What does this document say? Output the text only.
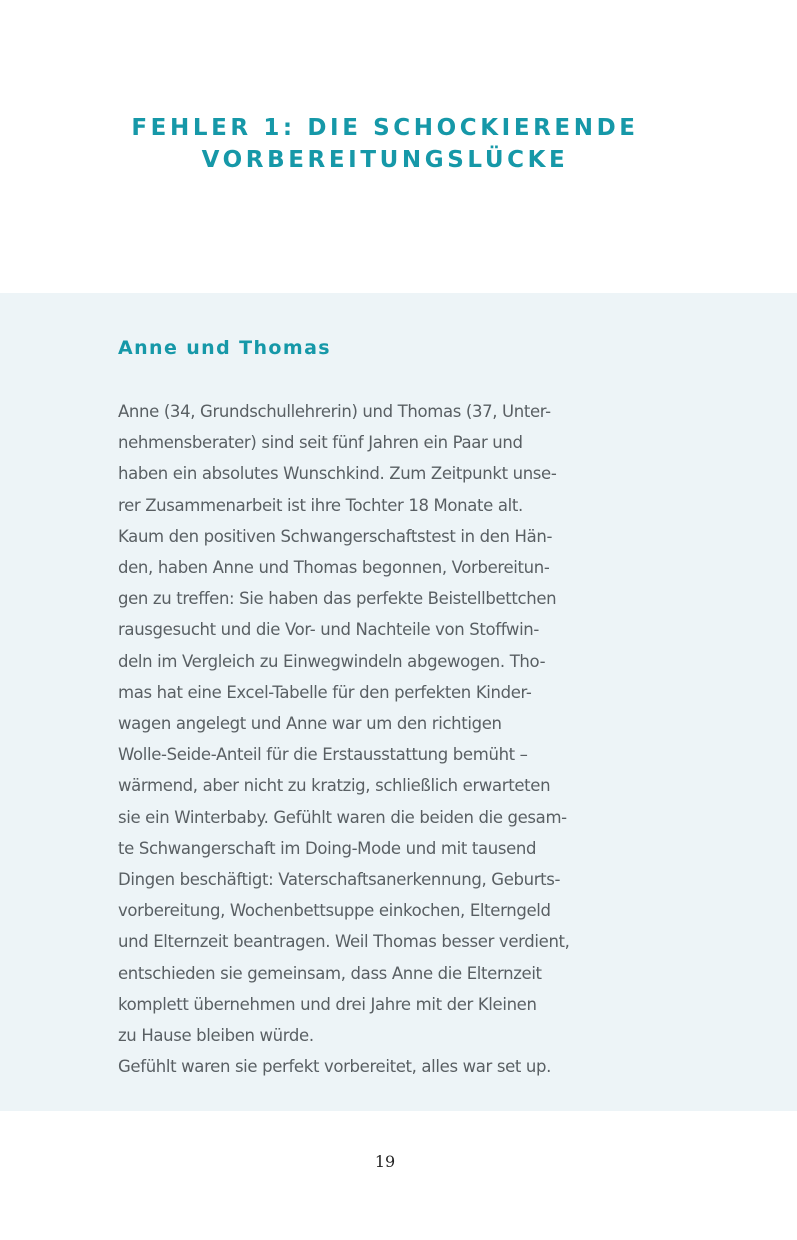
FEHLER 1: DIE SCHOCKIERENDE
VORBEREITUNGSLÜCKE
Anne und Thomas
Anne (34, Grundschullehrerin) und Thomas (37, Unter-
nehmensberater) sind seit fünf Jahren ein Paar und
haben ein absolutes Wunschkind. Zum Zeitpunkt unse-
rer Zusammenarbeit ist ihre Tochter 18 Monate alt.
Kaum den positiven Schwangerschaftstest in den Hän-
den, haben Anne und Thomas begonnen, Vorbereitun-
gen zu treffen: Sie haben das perfekte Beistellbettchen
rausgesucht und die Vor- und Nachteile von Stoffwin-
deln im Vergleich zu Einwegwindeln abgewogen. Tho-
mas hat eine Excel-Tabelle für den perfekten Kinder-
wagen angelegt und Anne war um den richtigen
Wolle-Seide-Anteil für die Erstausstattung bemüht –
wärmend, aber nicht zu kratzig, schließlich erwarteten
sie ein Winterbaby. Gefühlt waren die beiden die gesam-
te Schwangerschaft im Doing-Mode und mit tausend
Dingen beschäftigt: Vaterschaftsanerkennung, Geburts-
vorbereitung, Wochenbettsuppe einkochen, Elterngeld
und Elternzeit beantragen. Weil Thomas besser verdient,
entschieden sie gemeinsam, dass Anne die Elternzeit
komplett übernehmen und drei Jahre mit der Kleinen
zu Hause bleiben würde.
Gefühlt waren sie perfekt vorbereitet, alles war set up.
19
